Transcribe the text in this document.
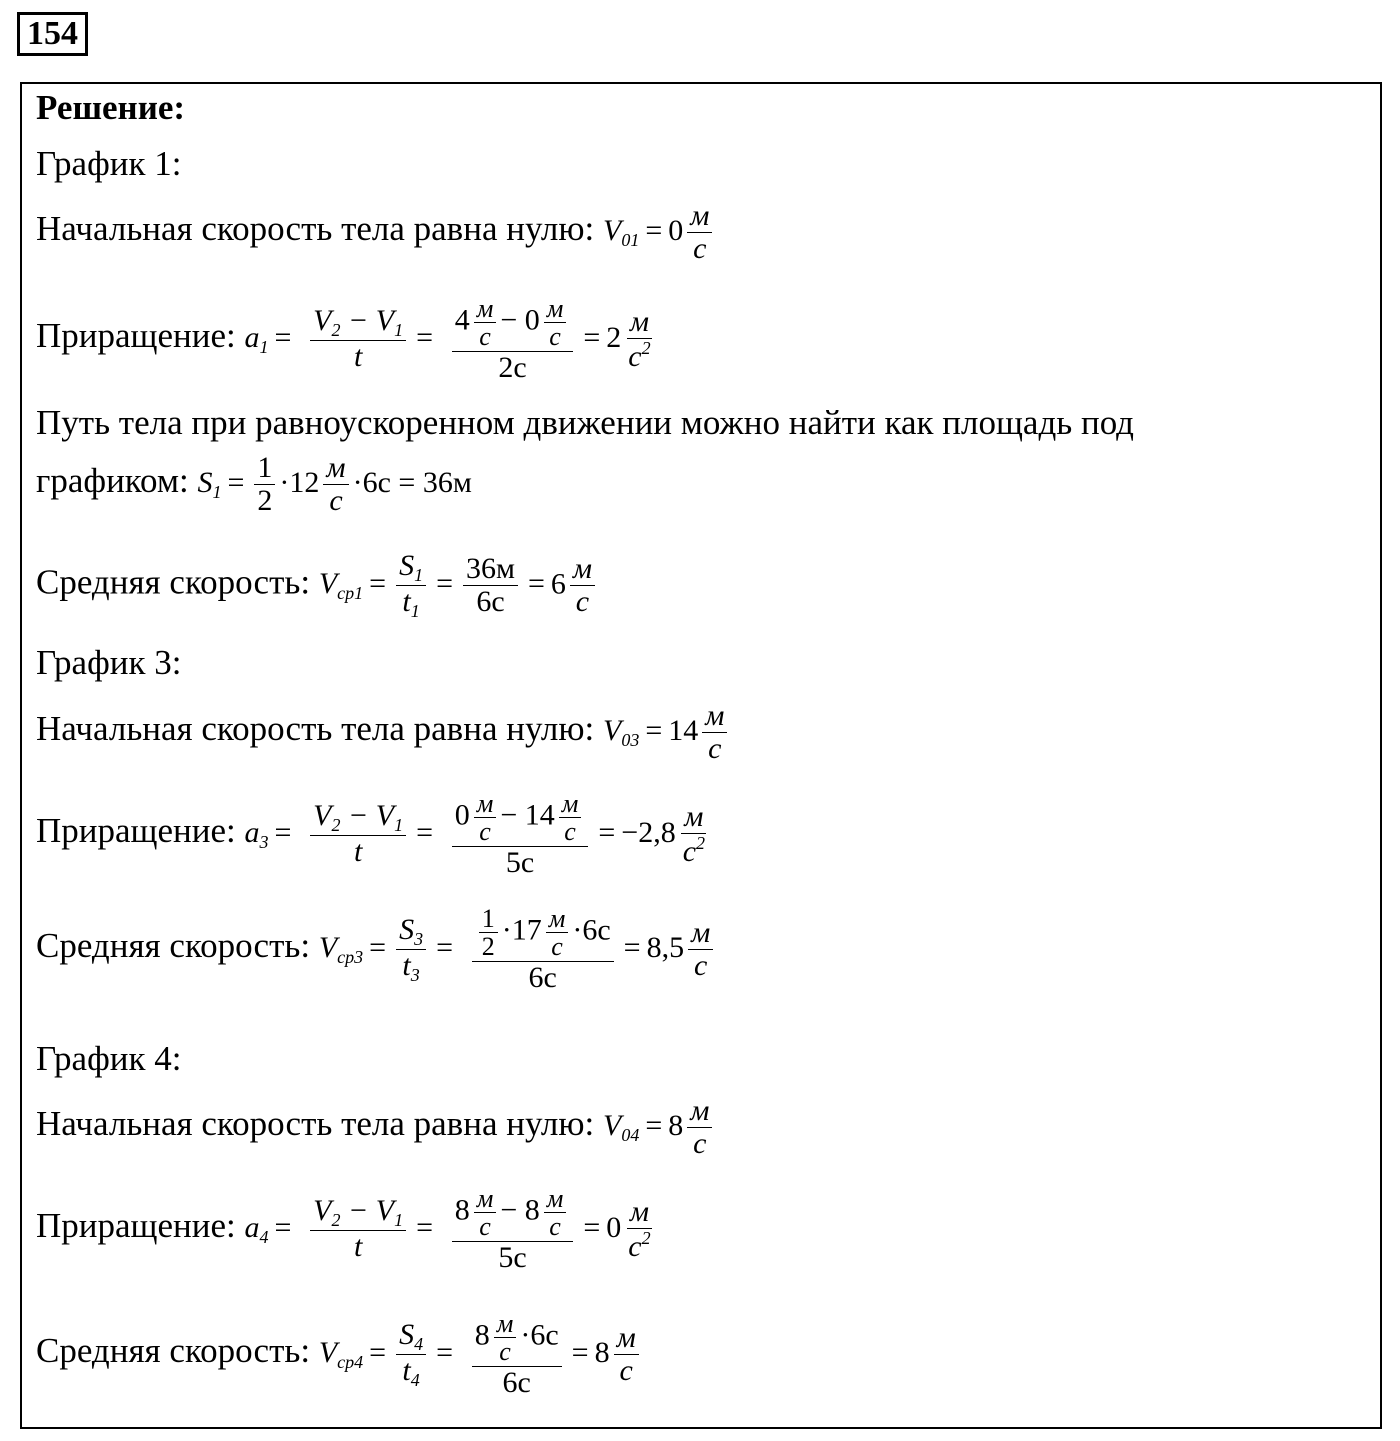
154
Решение:
График 1:
Начальная скорость тела равна нулю: $V_{01} = 0$ м
с
Приращение: $a_1 = \frac{V_2 - V_1}{t}$ =
4 м
с
− 0 м
с
2с
= 2 м
$с^2$
Путь тела при равноускоренном движении можно найти как площадь под
графиком: $S_1 = \frac{1}{2} \cdot 12$ м
с
·6с = 36м
Средняя скорость: $V_{ср1} = \frac{S_1}{t_1} = 36м$
6с
= 6 м
с
График 3:
Начальная скорость тела равна нулю: $V_{03} = 14$ м
с
Приращение: $a_3 = \frac{V_2 - V_1}{t}$ =
0 м
с
− 14 м
с
5с
= −2,8 м
$с^2$
Средняя скорость: $V_{ср3} = \frac{S_3}{t_3} = \frac{1}{2} \cdot 17$ м
с
·6с
6с
= 8,5 м
с
График 4:
Начальная скорость тела равна нулю: $V_{04} = 8$ м
с
Приращение: $a_4 = \frac{V_2 - V_1}{t}$ =
8 м
с
− 8 м
с
5с
= 0 м
$с^2$
Средняя скорость: $V_{ср4} = \frac{S_4}{t_4}$ =
8 м
с
·6с
6с
= 8 м
с
